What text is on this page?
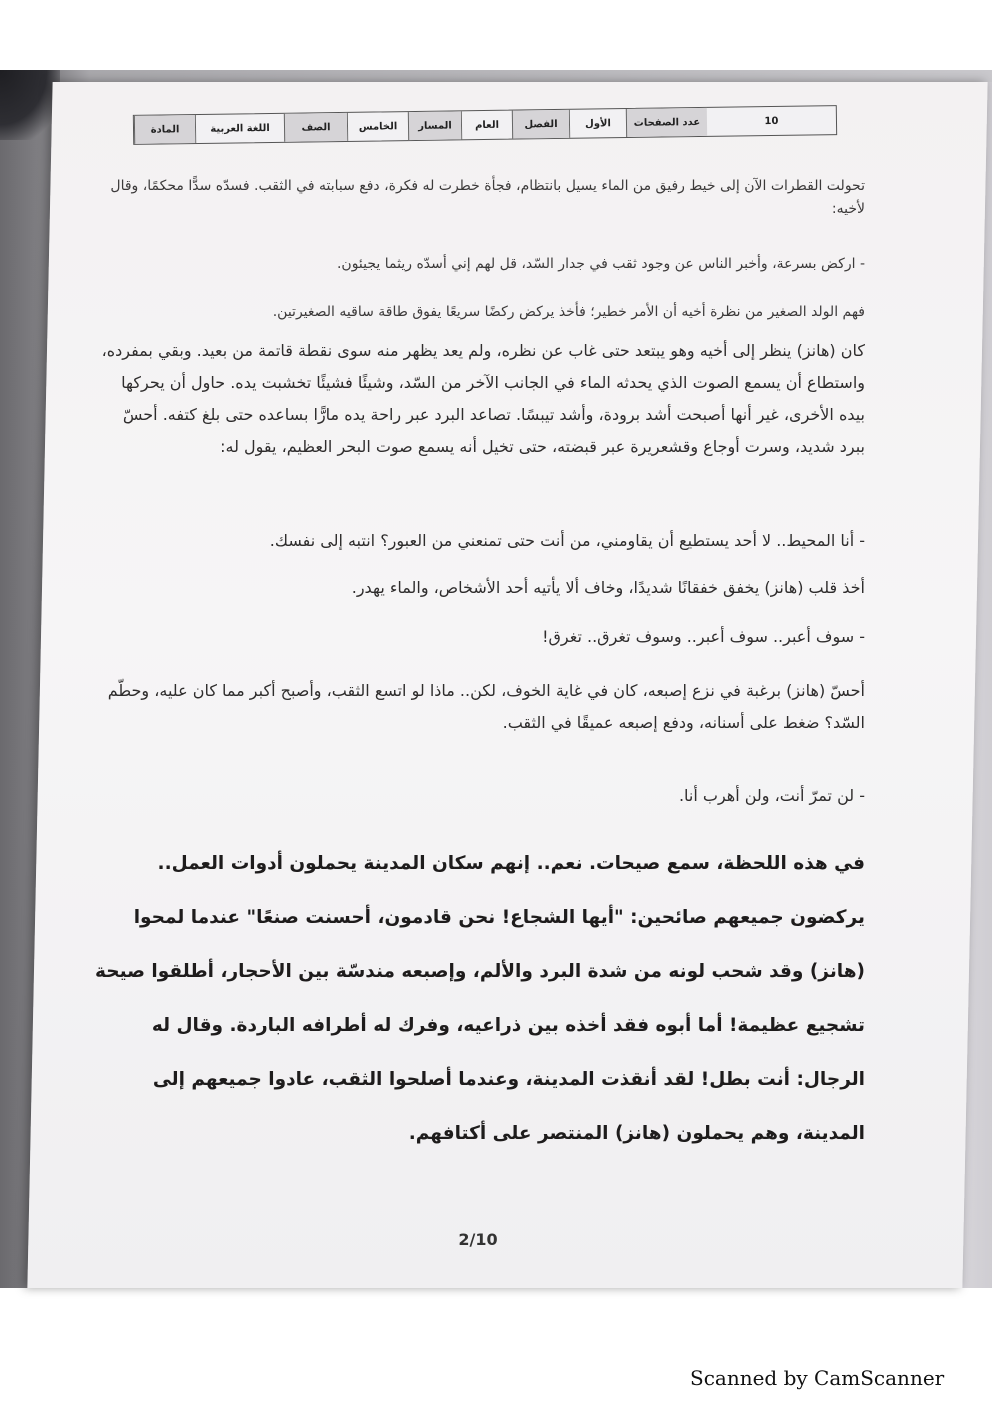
المادة	اللغة العربية	الصف	الخامس	المسار	العام	الفصل	الأول	عدد الصفحات	10

تحولت القطرات الآن إلى خيط رفيق من الماء يسيل بانتظام، فجأة خطرت له فكرة، دفع سبابته في الثقب. فسدّه سدًّا محكمًا، وقال لأخيه:

- اركض بسرعة، وأخبر الناس عن وجود ثقب في جدار السّد، قل لهم إني أسدّه ريثما يجيئون.

فهم الولد الصغير من نظرة أخيه أن الأمر خطير؛ فأخذ يركض ركضًا سريعًا يفوق طاقة ساقيه الصغيرتين.

كان (هانز) ينظر إلى أخيه وهو يبتعد حتى غاب عن نظره، ولم يعد يظهر منه سوى نقطة قاتمة من بعيد. وبقي بمفرده، واستطاع أن يسمع الصوت الذي يحدثه الماء في الجانب الآخر من السّد، وشيئًا فشيئًا تخشبت يده. حاول أن يحركها بيده الأخرى، غير أنها أصبحت أشد برودة، وأشد تيبسًا. تصاعد البرد عبر راحة يده مارًّا بساعده حتى بلغ كتفه. أحسّ ببرد شديد، وسرت أوجاع وقشعريرة عبر قبضته، حتى تخيل أنه يسمع صوت البحر العظيم، يقول له:

- أنا المحيط.. لا أحد يستطيع أن يقاومني، من أنت حتى تمنعني من العبور؟ انتبه إلى نفسك.

أخذ قلب (هانز) يخفق خفقانًا شديدًا، وخاف ألا يأتيه أحد الأشخاص، والماء يهدر.

- سوف أعبر.. سوف أعبر.. وسوف تغرق.. تغرق!

أحسّ (هانز) برغبة في نزع إصبعه، كان في غاية الخوف، لكن.. ماذا لو اتسع الثقب، وأصبح أكبر مما كان عليه، وحطّم السّد؟ ضغط على أسنانه، ودفع إصبعه عميقًا في الثقب.

- لن تمرّ أنت، ولن أهرب أنا.

في هذه اللحظة، سمع صيحات. نعم.. إنهم سكان المدينة يحملون أدوات العمل.. يركضون جميعهم صائحين: "أيها الشجاع! نحن قادمون، أحسنت صنعًا" عندما لمحوا (هانز) وقد شحب لونه من شدة البرد والألم، وإصبعه مندسّة بين الأحجار، أطلقوا صيحة تشجيع عظيمة! أما أبوه فقد أخذه بين ذراعيه، وفرك له أطرافه الباردة. وقال له الرجال: أنت بطل! لقد أنقذت المدينة، وعندما أصلحوا الثقب، عادوا جميعهم إلى المدينة، وهم يحملون (هانز) المنتصر على أكتافهم.

2/10
Scanned by CamScanner
